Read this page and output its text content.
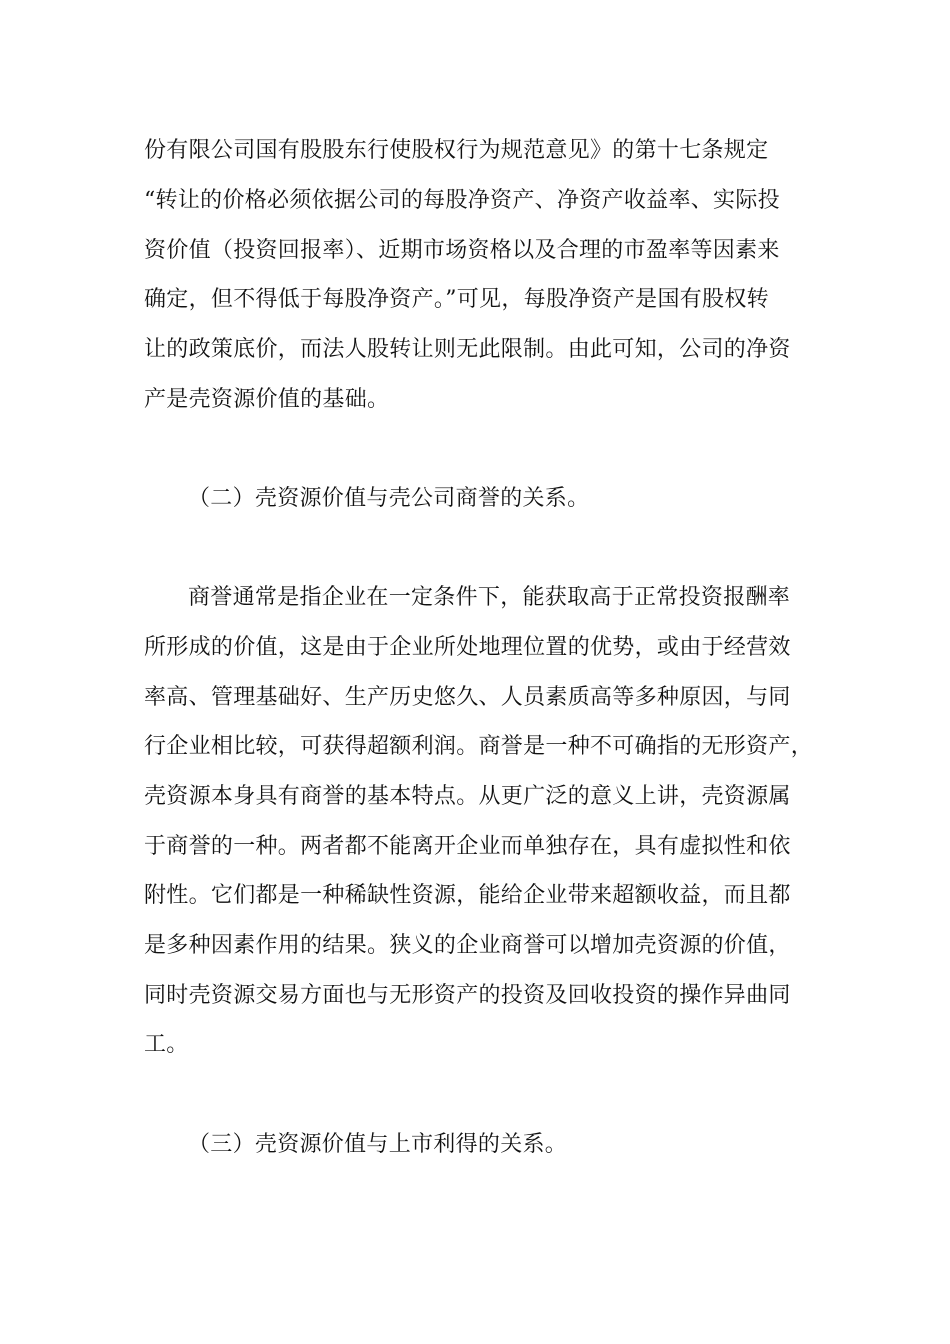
份有限公司国有股股东行使股权行为规范意见》的第十七条规定
“转让的价格必须依据公司的每股净资产、净资产收益率、实际投
资价值（投资回报率）、近期市场资格以及合理的市盈率等因素来
确定，但不得低于每股净资产。”可见，每股净资产是国有股权转
让的政策底价，而法人股转让则无此限制。由此可知，公司的净资
产是壳资源价值的基础。
（二）壳资源价值与壳公司商誉的关系。
商誉通常是指企业在一定条件下，能获取高于正常投资报酬率
所形成的价值，这是由于企业所处地理位置的优势，或由于经营效
率高、管理基础好、生产历史悠久、人员素质高等多种原因，与同
行企业相比较，可获得超额利润。商誉是一种不可确指的无形资产，
壳资源本身具有商誉的基本特点。从更广泛的意义上讲，壳资源属
于商誉的一种。两者都不能离开企业而单独存在，具有虚拟性和依
附性。它们都是一种稀缺性资源，能给企业带来超额收益，而且都
是多种因素作用的结果。狭义的企业商誉可以增加壳资源的价值，
同时壳资源交易方面也与无形资产的投资及回收投资的操作异曲同
工。
（三）壳资源价值与上市利得的关系。
